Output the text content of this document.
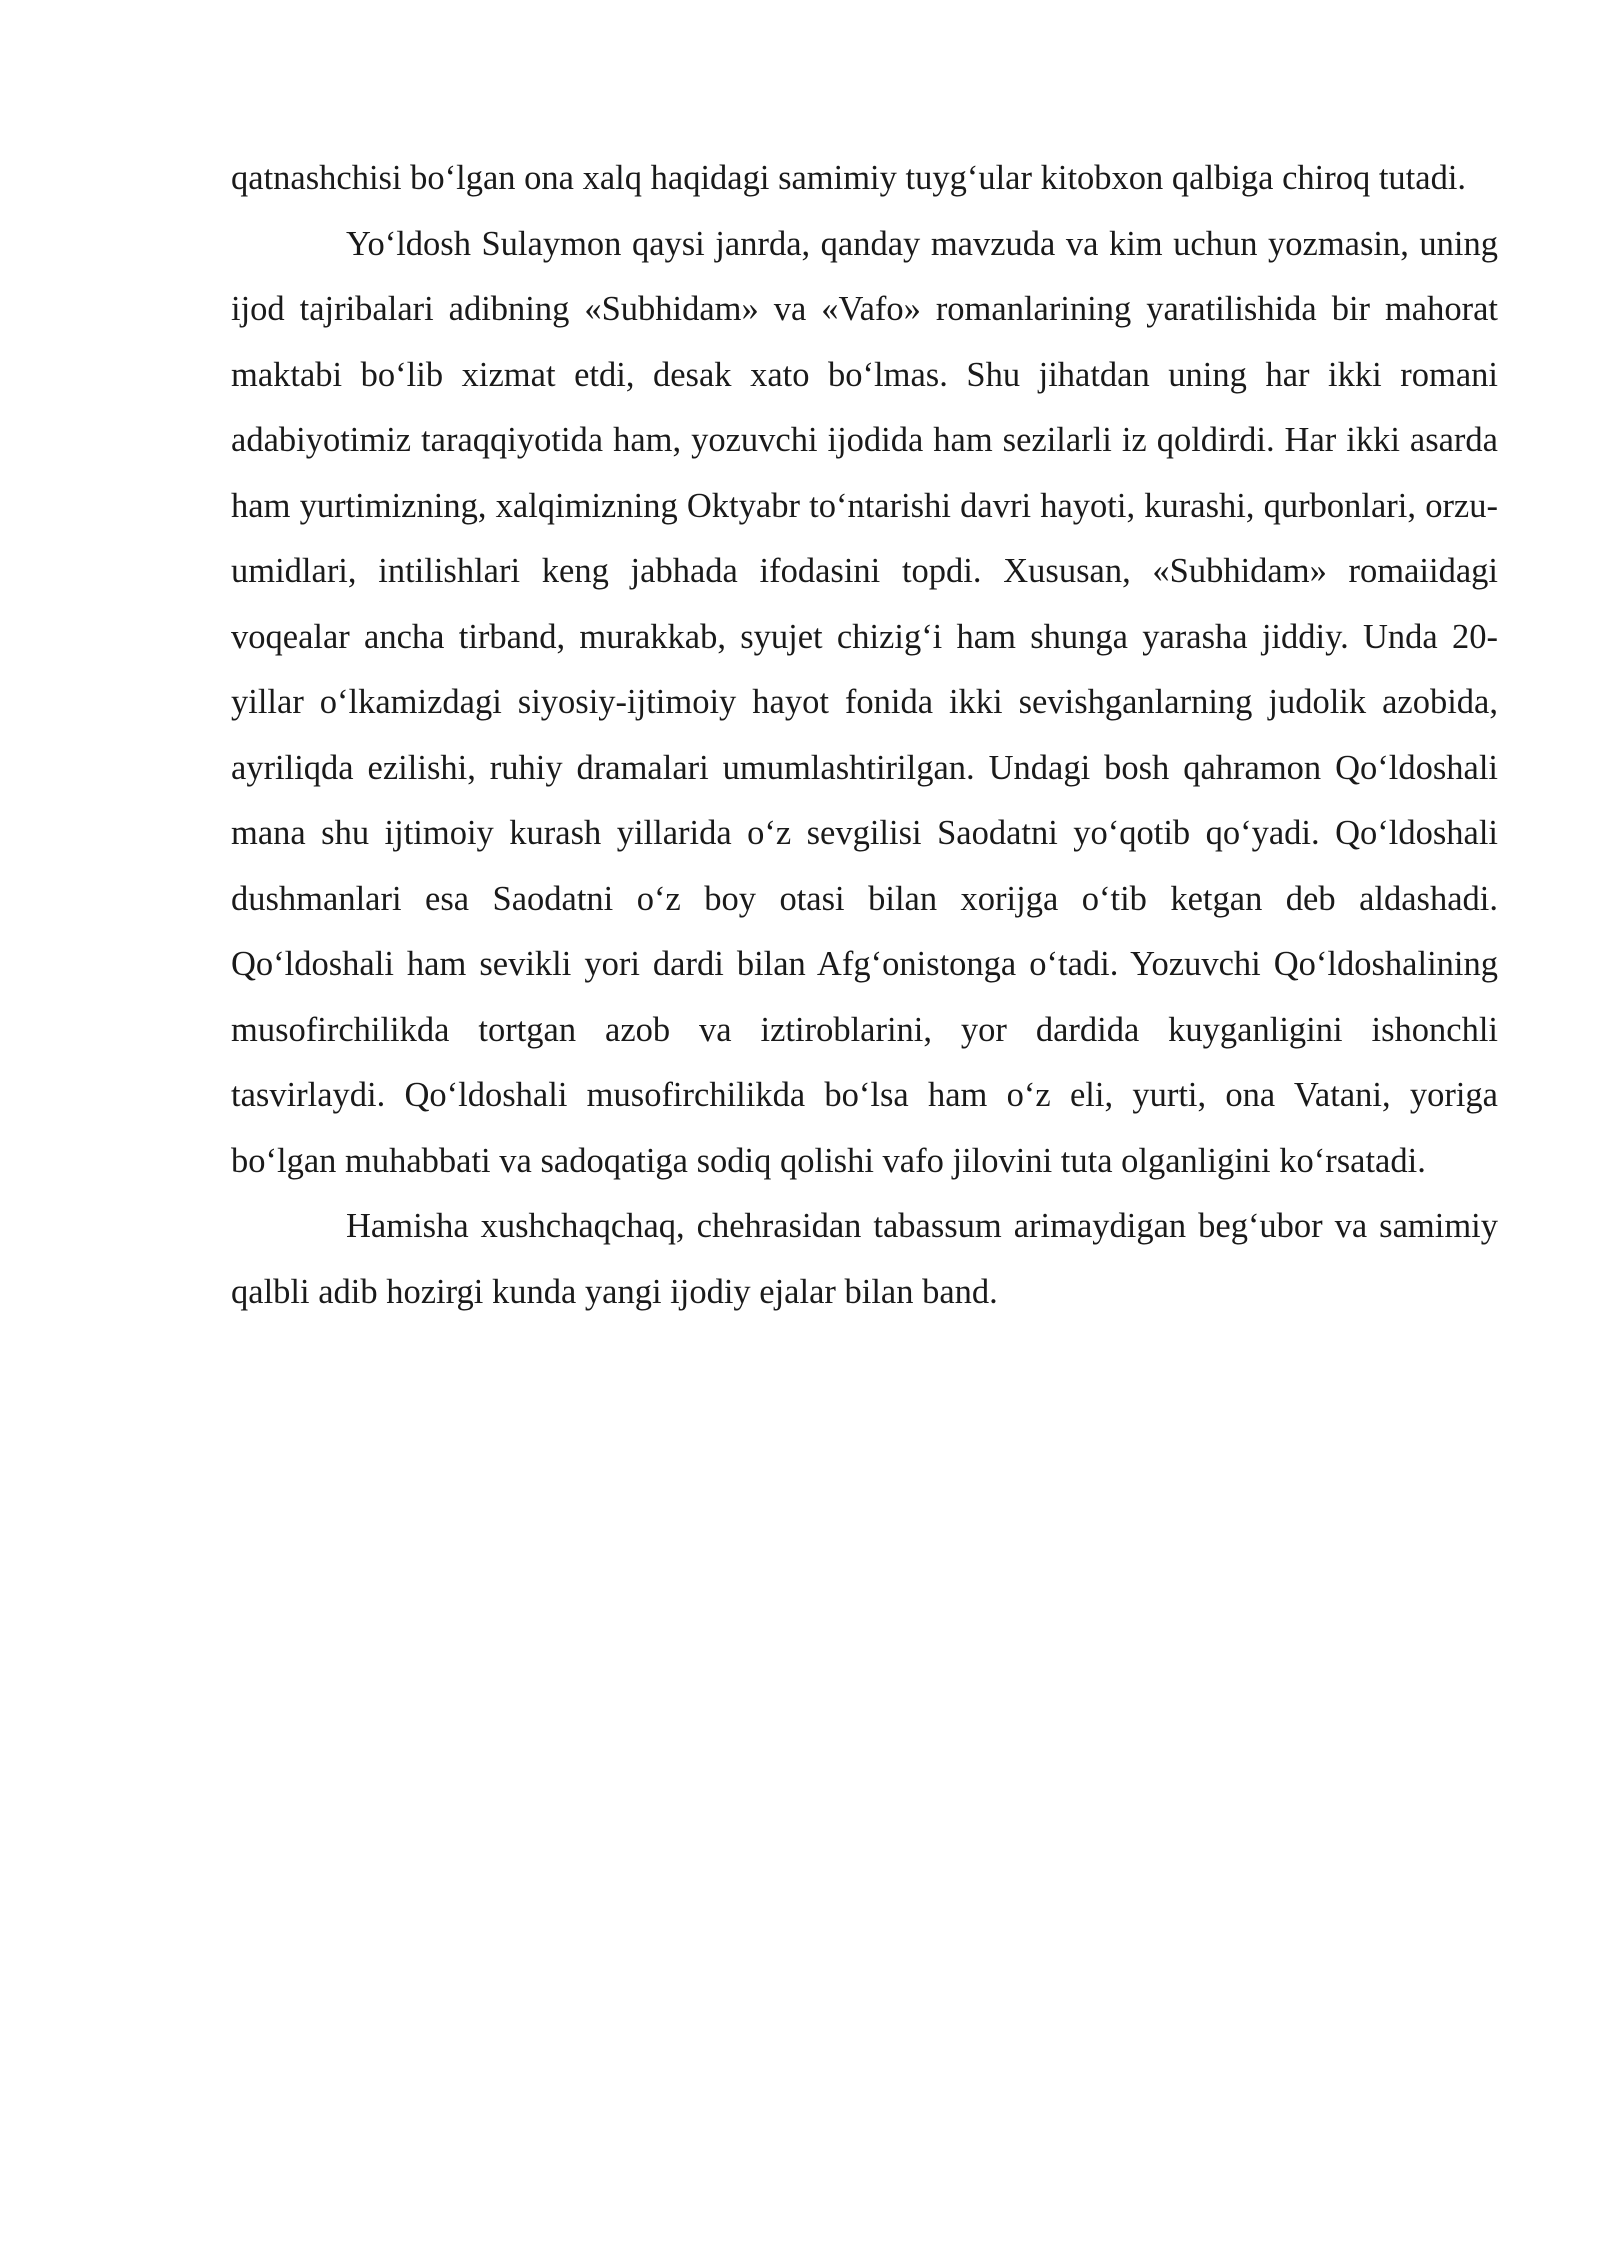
qatnashchisi bo‘lgan ona xalq haqidagi samimiy tuyg‘ular kitobxon qalbiga chiroq tutadi.

Yo‘ldosh Sulaymon qaysi janrda, qanday mavzuda va kim uchun yozmasin, uning ijod tajribalari adibning «Subhidam» va «Vafo» romanlarining yaratilishida bir mahorat maktabi bo‘lib xizmat etdi, desak xato bo‘lmas. Shu jihatdan uning har ikki romani adabiyotimiz taraqqiyotida ham, yozuvchi ijodida ham sezilarli iz qoldirdi. Har ikki asarda ham yurtimizning, xalqimizning Oktyabr to‘ntarishi davri hayoti, kurashi, qurbonlari, orzu-umidlari, intilishlari keng jabhada ifodasini topdi. Xususan, «Subhidam» romaiidagi voqealar ancha tirband, murakkab, syujet chizig‘i ham shunga yarasha jiddiy. Unda 20-yillar o‘lkamizdagi siyosiy-ijtimoiy hayot fonida ikki sevishganlarning judolik azobida, ayriliqda ezilishi, ruhiy dramalari umumlashtirilgan. Undagi bosh qahramon Qo‘ldoshali mana shu ijtimoiy kurash yillarida o‘z sevgilisi Saodatni yo‘qotib qo‘yadi. Qo‘ldoshali dushmanlari esa Saodatni o‘z boy otasi bilan xorijga o‘tib ketgan deb aldashadi. Qo‘ldoshali ham sevikli yori dardi bilan Afg‘onistonga o‘tadi. Yozuvchi Qo‘ldoshalining musofirchilikda tortgan azob va iztiroblarini, yor dardida kuyganligini ishonchli tasvirlaydi. Qo‘ldoshali musofirchilikda bo‘lsa ham o‘z eli, yurti, ona Vatani, yoriga bo‘lgan muhabbati va sadoqatiga sodiq qolishi vafo jilovini tuta olganligini ko‘rsatadi.

Hamisha xushchaqchaq, chehrasidan tabassum arimaydigan beg‘ubor va samimiy qalbli adib hozirgi kunda yangi ijodiy ejalar bilan band.
